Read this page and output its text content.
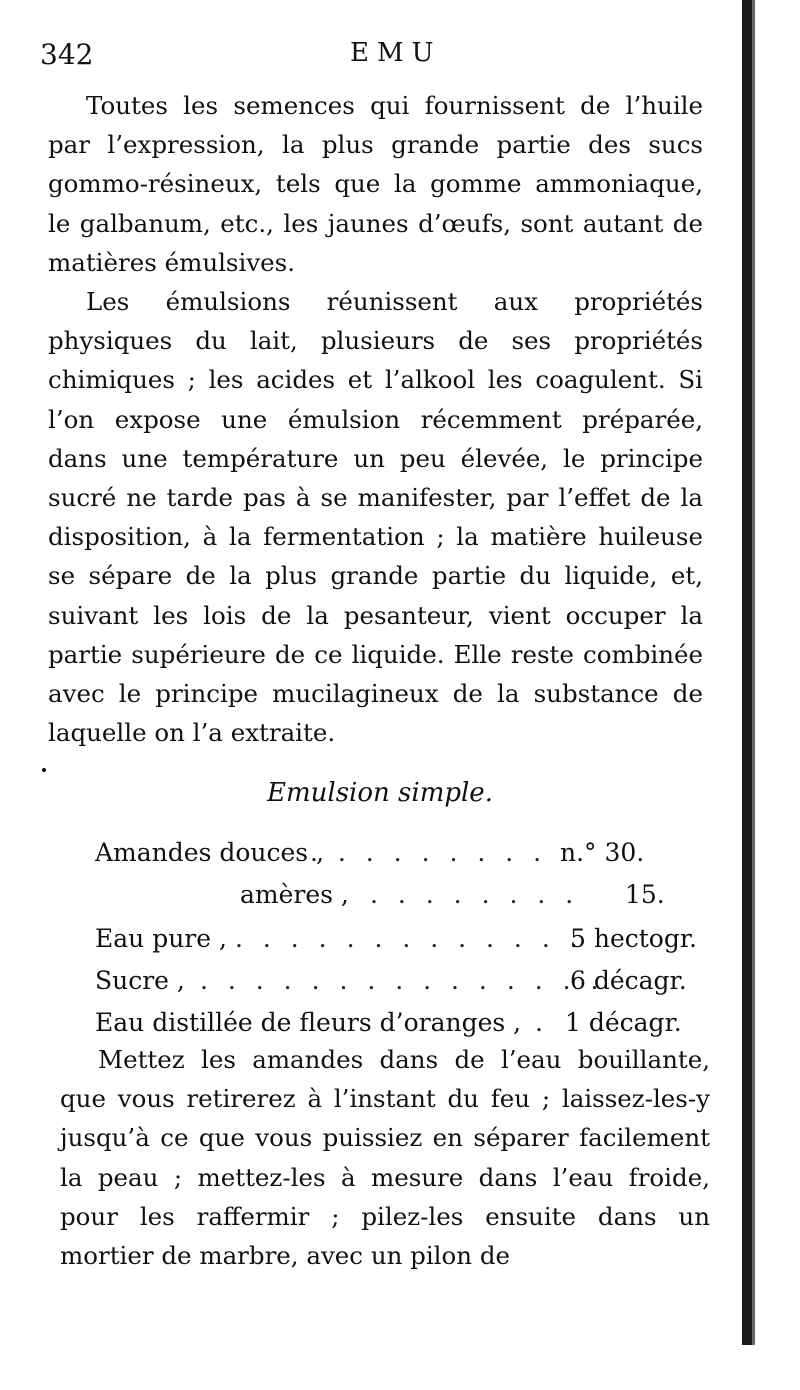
342	EMU

Toutes les semences qui fournissent de l’huile par l’expression, la plus grande partie des sucs gommo-résineux, tels que la gomme ammoniaque, le galbanum, etc., les jaunes d’œufs, sont autant de matières émulsives.

Les émulsions réunissent aux propriétés physiques du lait, plusieurs de ses propriétés chimiques ; les acides et l’alkool les coagulent. Si l’on expose une émulsion récemment préparée, dans une température un peu élevée, le principe sucré ne tarde pas à se manifester, par l’effet de la disposition, à la fermentation ; la matière huileuse se sépare de la plus grande partie du liquide, et, suivant les lois de la pesanteur, vient occuper la partie supérieure de ce liquide. Elle reste combinée avec le principe mucilagineux de la substance de laquelle on l’a extraite.

Emulsion simple.
Amandes douces ,
. . . . . . . . . n.° 30.
amères , . . . . . . . . 15.
Eau pure , . . . . . . . . . . . . .
5 hectogr.
Sucre , . . . . . . . . . . . . . . .
6 décagr.
Eau distillée de fleurs d’oranges , . 1 décagr.

Mettez les amandes dans de l’eau bouillante, que vous retirerez à l’instant du feu ; laissez-les-y jusqu’à ce que vous puissiez en séparer facilement la peau ; mettez-les à mesure dans l’eau froide, pour les raffermir ; pilez-les ensuite dans un mortier de marbre, avec un pilon de
